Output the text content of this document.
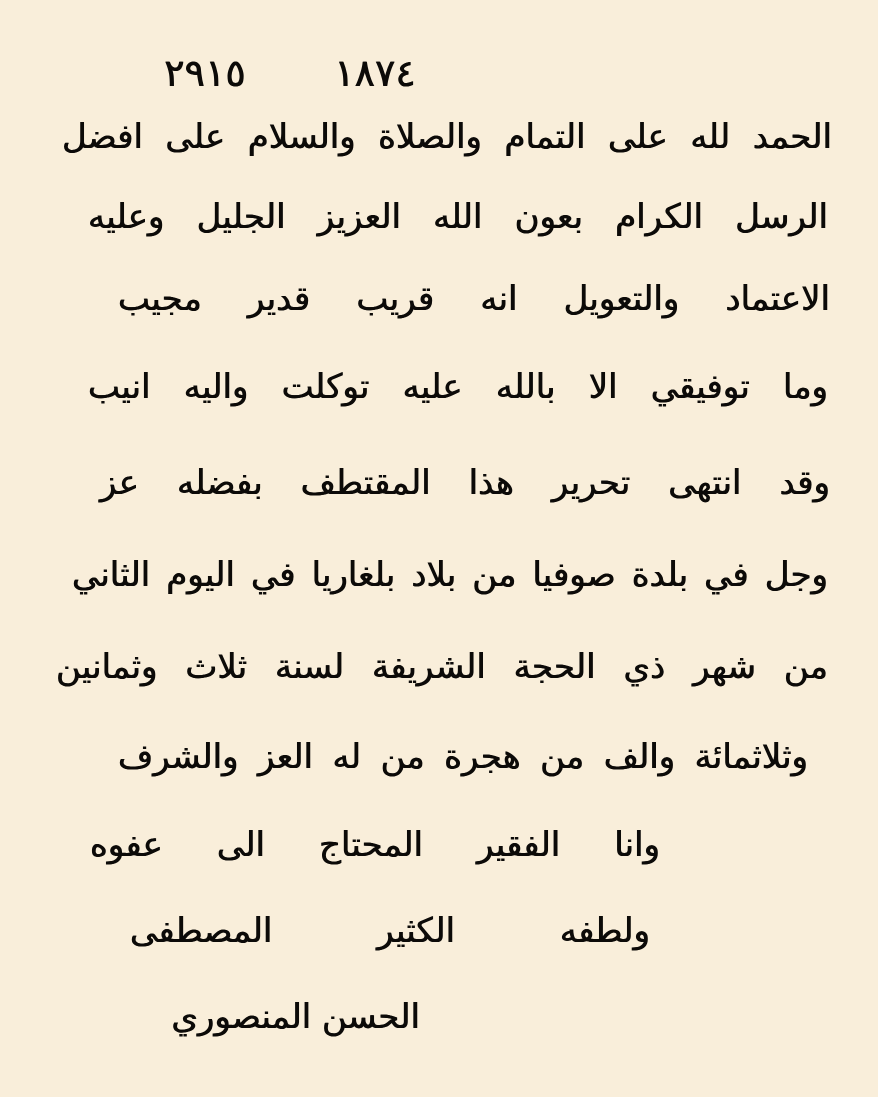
١٨٧٤
٢٩١٥
الحمد لله على التمام والصلاة والسلام على افضل
الرسل الكرام بعون الله العزيز الجليل وعليه
الاعتماد والتعويل انه قريب قدير مجيب
وما توفيقي الا بالله عليه توكلت واليه انيب
وقد انتهى تحرير هذا المقتطف بفضله عز
وجل في بلدة صوفيا من بلاد بلغاريا في اليوم الثاني
من شهر ذي الحجة الشريفة لسنة ثلاث وثمانين
وثلاثمائة والف من هجرة من له العز والشرف
وانا الفقير المحتاج الى عفوه
ولطفه الكثير المصطفى
الحسن المنصوري
